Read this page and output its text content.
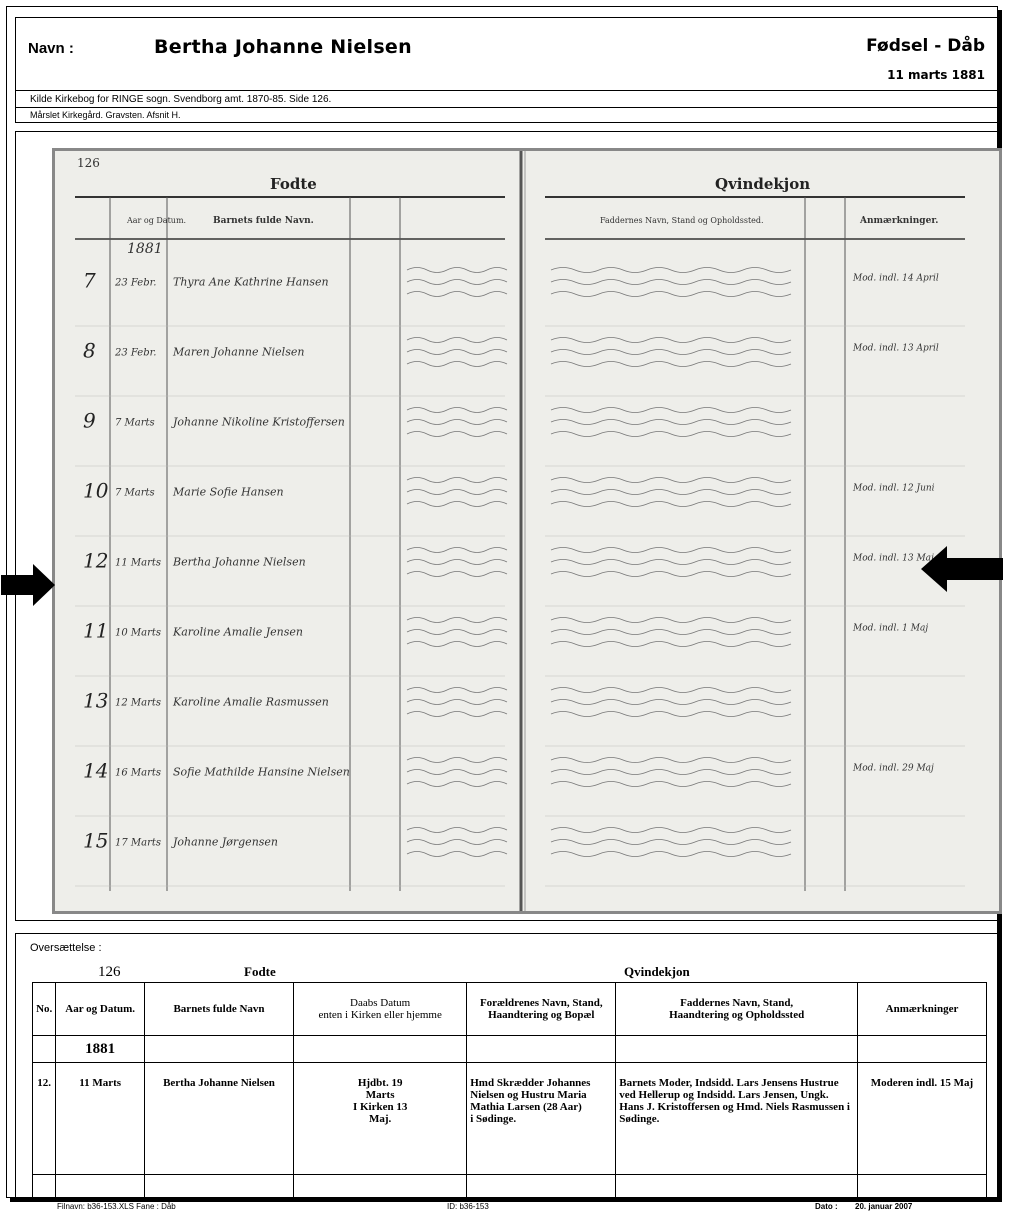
Navn :	Bertha Johanne Nielsen	Fødsel - Dåb
11 marts 1881
Kilde Kirkebog for RINGE sogn. Svendborg amt. 1870-85. Side 126.
Mårslet Kirkegård. Gravsten. Afsnit H.
126
Fodte	Qvindekjon
Aar og Datum.	Barnets fulde Navn.	Faddernes Navn, Stand og Opholdssted.	Anmærkninger.
1881
7 23 Febr. Thyra Ane Kathrine Hansen	Mod. indl. 14 April
8 23 Febr. Maren Johanne Nielsen	Mod. indl. 13 April
9 7 Marts Johanne Nikoline Kristoffersen
10 7 Marts Marie Sofie Hansen	Mod. indl. 12 Juni
12 11 Marts Bertha Johanne Nielsen	Mod. indl. 13 Maj
11 10 Marts Karoline Amalie Jensen	Mod. indl. 1 Maj
13 12 Marts Karoline Amalie Rasmussen
14 16 Marts Sofie Mathilde Hansine Nielsen	Mod. indl. 29 Maj
15 17 Marts Johanne Jørgensen
Oversættelse :
126	Fodte	Qvindekjon
No.	Aar og Datum.	Barnets fulde Navn	Daabs Datum
enten i Kirken eller hjemme	Forældrenes Navn, Stand,
Haandtering og Bopæl	Faddernes Navn, Stand,
Haandtering og Opholdssted	Anmærkninger
	1881					
12.	11 Marts	Bertha Johanne Nielsen	Hjdbt. 19
Marts
I Kirken 13
Maj.	Hmd Skrædder Johannes Nielsen og Hustru Maria Mathia Larsen (28 Aar)
i Sødinge.	Barnets Moder, Indsidd. Lars Jensens Hustrue ved Hellerup og Indsidd. Lars Jensen, Ungk. Hans J. Kristoffersen og Hmd. Niels Rasmussen i Sødinge.	Moderen indl. 15 Maj

Filnavn: b36-153.XLS Fane : Dåb	ID: b36-153	Dato : 20. januar 2007
